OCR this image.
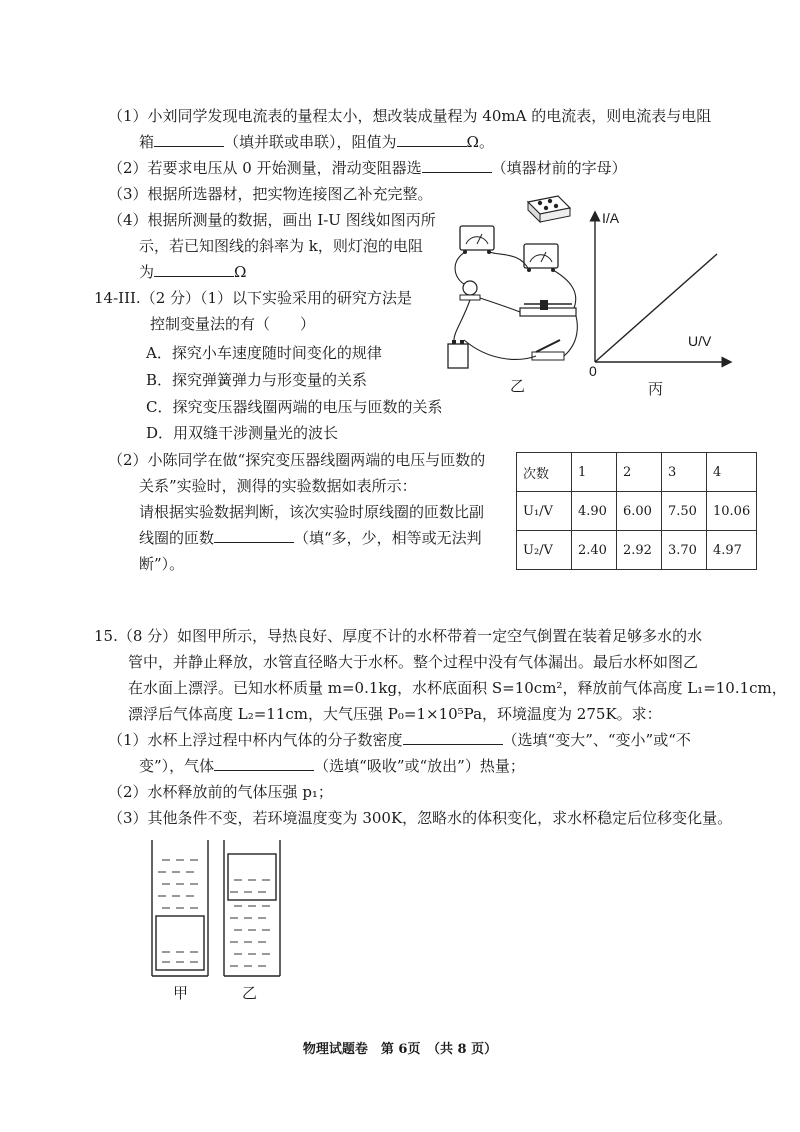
（1）小刘同学发现电流表的量程太小，想改装成量程为 40mA 的电流表，则电流表与电阻
箱	（填并联或串联），阻值为	Ω。
（2）若要求电压从 0 开始测量，滑动变阻器选	（填器材前的字母）
（3）根据所选器材，把实物连接图乙补充完整。
（4）根据所测量的数据，画出 I-U 图线如图丙所
示，若已知图线的斜率为 k，则灯泡的电阻
为	Ω
14-III.（2 分）（1）以下实验采用的研究方法是
控制变量法的有（　　）
A．探究小车速度随时间变化的规律
B．探究弹簧弹力与形变量的关系
C．探究变压器线圈两端的电压与匝数的关系
D．用双缝干涉测量光的波长
（2）小陈同学在做“探究变压器线圈两端的电压与匝数的
关系”实验时，测得的实验数据如表所示：
请根据实验数据判断，该次实验时原线圈的匝数比副
线圈的匝数	（填“多，少，相等或无法判
断”）。
次数	1	2	3	4
U₁/V	4.90	6.00	7.50	10.06
U₂/V	2.40	2.92	3.70	4.97
乙
I/A
U/V
0
丙
15.（8 分）如图甲所示，导热良好、厚度不计的水杯带着一定空气倒置在装着足够多水的水
管中，并静止释放，水管直径略大于水杯。整个过程中没有气体漏出。最后水杯如图乙
在水面上漂浮。已知水杯质量 m=0.1kg，水杯底面积 S=10cm²，释放前气体高度 L₁=10.1cm，
漂浮后气体高度 L₂=11cm，大气压强 P₀=1×10⁵Pa，环境温度为 275K。求：
（1）水杯上浮过程中杯内气体的分子数密度	（选填“变大”、“变小”或“不
变”），气体	（选填“吸收”或“放出”）热量；
（2）水杯释放前的气体压强 p₁；
（3）其他条件不变，若环境温度变为 300K，忽略水的体积变化，求水杯稳定后位移变化量。
甲	乙
物理试题卷　第 6页　（共 8 页）
